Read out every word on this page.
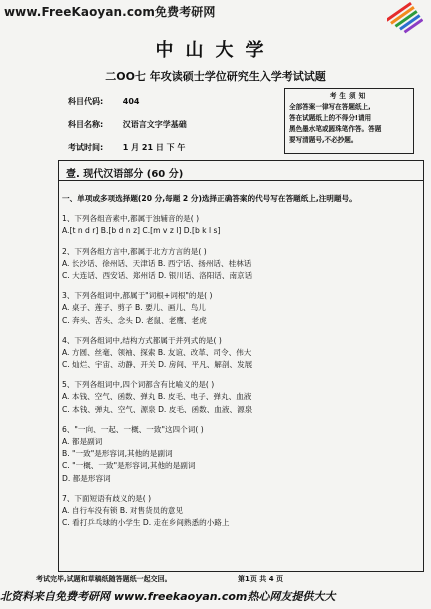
www.FreeKaoyan.com免费考研网
中山大学
二OO七 年攻读硕士学位研究生入学考试试题
科目代码: 404
科目名称: 汉语言文字学基础
考试时间: 1 月 21 日 下 午
考生须知
全部答案一律写在答题纸上,
答在试题纸上的不得分!请用
黑色墨水笔或圆珠笔作答。答题
要写清题号,不必抄题。
壹. 现代汉语部分 (60 分)
一、单项或多项选择题(20 分,每题 2 分)选择正确答案的代号写在答题纸上,注明题号。
1、下列各组音素中,都属于浊辅音的是( )
A.[t n d r] B.[b d n z] C.[m v z l] D.[b k l s]
2、下列各组方言中,都属于北方方言的是( )
A. 长沙话、徐州话、天津话 B. 西宁话、扬州话、桂林话
C. 大连话、西安话、郑州话 D. 银川话、洛阳话、南京话
3、下列各组词中,都属于"词根+词根"的是( )
A. 桌子、莲子、剪子 B. 要儿、画儿、鸟儿
C. 奔头、苦头、念头 D. 老鼠、老鹰、老虎
4、下列各组词中,结构方式都属于并列式的是( )
A. 方圆、丝毫、领袖、探索 B. 友谊、改革、司令、伟大
C. 灿烂、宇宙、动静、开关 D. 房间、平凡、解剖、发展
5、下列各组词中,四个词都含有比喻义的是( )
A. 本钱、空气、函数、弹丸 B. 皮毛、电子、弹丸、血液
C. 本钱、弹丸、空气、源泉 D. 皮毛、函数、血液、源泉
6、"一向、一起、一概、一致"这四个词( )
A. 都是副词
B. "一致"是形容词,其他的是副词
C. "一概、一致"是形容词,其他的是副词
D. 都是形容词
7、下面短语有歧义的是( )
A. 自行车没有锁 B. 对售货员的意见
C. 看打乒乓球的小学生 D. 走在乡间熟悉的小路上
考试完毕,试题和草稿纸随答题纸一起交回。	第1页 共 4 页
北资料来自免费考研网 www.freekaoyan.com热心网友提供大大
